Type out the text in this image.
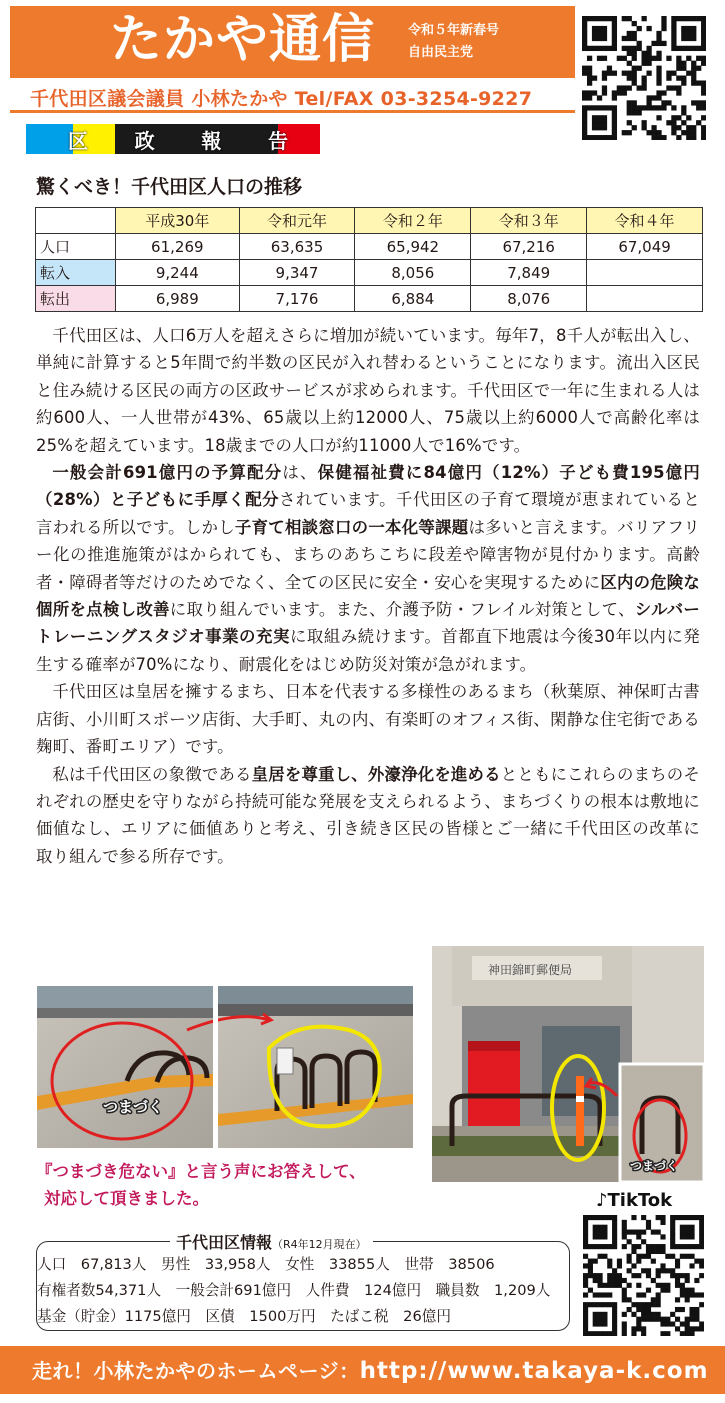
たかや通信	令和５年新春号
自由民主党
千代田区議会議員 小林たかや Tel/FAX 03-3254-9227
区 政 報 告
驚くべき！千代田区人口の推移
	平成30年	令和元年	令和２年	令和３年	令和４年
人口	61,269	63,635	65,942	67,216	67,049
転入	9,244	9,347	8,056	7,849	
転出	6,989	7,176	6,884	8,076	

千代田区は、人口6万人を超えさらに増加が続いています。毎年7，8千人が転出入し、単純に計算すると5年間で約半数の区民が入れ替わるということになります。流出入区民と住み続ける区民の両方の区政サービスが求められます。千代田区で一年に生まれる人は約600人、一人世帯が43%、65歳以上約12000人、75歳以上約6000人で高齢化率は25%を超えています。18歳までの人口が約11000人で16%です。

一般会計691億円の予算配分は、保健福祉費に84億円（12%）子ども費195億円（28%）と子どもに手厚く配分されています。千代田区の子育て環境が恵まれていると言われる所以です。しかし子育て相談窓口の一本化等課題は多いと言えます。バリアフリー化の推進施策がはかられても、まちのあちこちに段差や障害物が見付かります。高齢者・障碍者等だけのためでなく、全ての区民に安全・安心を実現するために区内の危険な個所を点検し改善に取り組んでいます。また、介護予防・フレイル対策として、シルバートレーニングスタジオ事業の充実に取組み続けます。首都直下地震は今後30年以内に発生する確率が70%になり、耐震化をはじめ防災対策が急がれます。

千代田区は皇居を擁するまち、日本を代表する多様性のあるまち（秋葉原、神保町古書店街、小川町スポーツ店街、大手町、丸の内、有楽町のオフィス街、閑静な住宅街である麹町、番町エリア）です。

私は千代田区の象徴である皇居を尊重し、外濠浄化を進めるとともにこれらのまちのそれぞれの歴史を守りながら持続可能な発展を支えられるよう、まちづくりの根本は敷地に価値なし、エリアに価値ありと考え、引き続き区民の皆様とご一緒に千代田区の改革に取り組んで参る所存です。

つまづく
神田錦町郵便局
つまづく
『つまづき危ない』と言う声にお答えして、
対応して頂きました。	♪TikTok
千代田区情報（R4年12月現在）
人口　67,813人　男性　33,958人　女性　33855人　世帯　38506
有権者数54,371人　一般会計691億円　人件費　124億円　職員数　1,209人
基金（貯金）1175億円　区債　1500万円　たばこ税　26億円
走れ！小林たかやのホームページ：http://www.takaya-k.com
